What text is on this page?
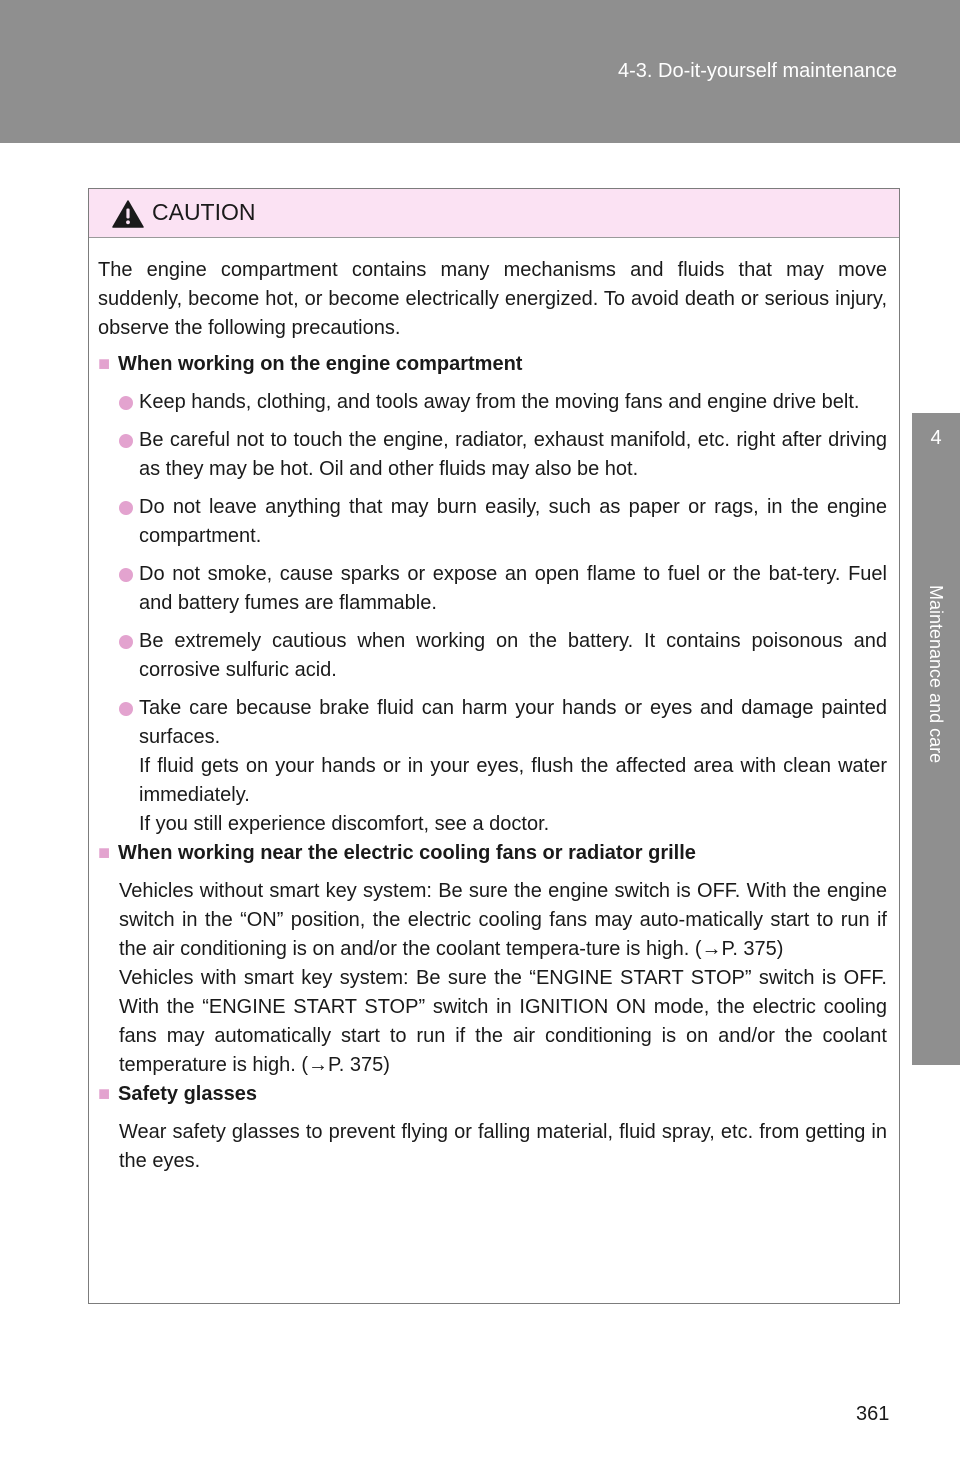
4-3. Do-it-yourself maintenance
4
Maintenance and care
CAUTION

The engine compartment contains many mechanisms and fluids that may move suddenly, become hot, or become electrically energized. To avoid death or serious injury, observe the following precautions.

■ When working on the engine compartment
Keep hands, clothing, and tools away from the moving fans and engine drive belt.
Be careful not to touch the engine, radiator, exhaust manifold, etc. right after driving as they may be hot. Oil and other fluids may also be hot.
Do not leave anything that may burn easily, such as paper or rags, in the engine compartment.
Do not smoke, cause sparks or expose an open flame to fuel or the bat-tery. Fuel and battery fumes are flammable.
Be extremely cautious when working on the battery. It contains poisonous and corrosive sulfuric acid.
Take care because brake fluid can harm your hands or eyes and damage painted surfaces.

If fluid gets on your hands or in your eyes, flush the affected area with clean water immediately.

If you still experience discomfort, see a doctor.

■ When working near the electric cooling fans or radiator grille

Vehicles without smart key system: Be sure the engine switch is OFF. With the engine switch in the “ON” position, the electric cooling fans may auto-matically start to run if the air conditioning is on and/or the coolant tempera-ture is high. (→P. 375)

Vehicles with smart key system: Be sure the “ENGINE START STOP” switch is OFF. With the “ENGINE START STOP” switch in IGNITION ON mode, the electric cooling fans may automatically start to run if the air conditioning is on and/or the coolant temperature is high. (→P. 375)

■ Safety glasses

Wear safety glasses to prevent flying or falling material, fluid spray, etc. from getting in the eyes.

361
